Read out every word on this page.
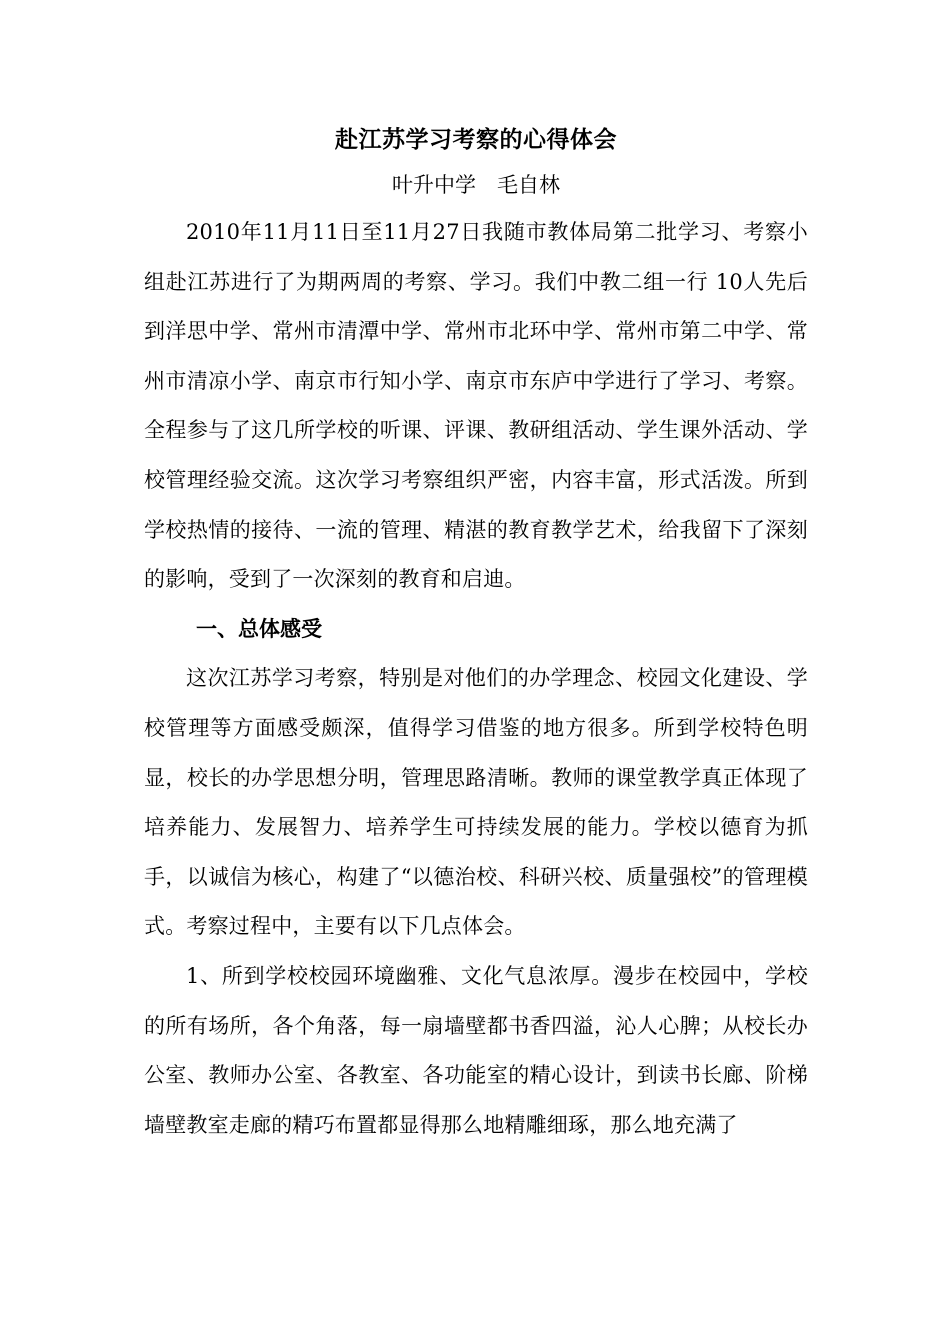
赴江苏学习考察的心得体会

叶升中学　毛自林

2010年11月11日至11月27日我随市教体局第二批学习、考察小组赴江苏进行了为期两周的考察、学习。我们中教二组一行 10人先后到洋思中学、常州市清潭中学、常州市北环中学、常州市第二中学、常州市清凉小学、南京市行知小学、南京市东庐中学进行了学习、考察。全程参与了这几所学校的听课、评课、教研组活动、学生课外活动、学校管理经验交流。这次学习考察组织严密，内容丰富，形式活泼。所到学校热情的接待、一流的管理、精湛的教育教学艺术，给我留下了深刻的影响，受到了一次深刻的教育和启迪。

一、总体感受

这次江苏学习考察，特别是对他们的办学理念、校园文化建设、学校管理等方面感受颇深，值得学习借鉴的地方很多。所到学校特色明显，校长的办学思想分明，管理思路清晰。教师的课堂教学真正体现了培养能力、发展智力、培养学生可持续发展的能力。学校以德育为抓手，以诚信为核心，构建了“以德治校、科研兴校、质量强校”的管理模式。考察过程中，主要有以下几点体会。

1、所到学校校园环境幽雅、文化气息浓厚。漫步在校园中，学校的所有场所，各个角落，每一扇墙壁都书香四溢，沁人心脾；从校长办公室、教师办公室、各教室、各功能室的精心设计，到读书长廊、阶梯墙壁教室走廊的精巧布置都显得那么地精雕细琢，那么地充满了
